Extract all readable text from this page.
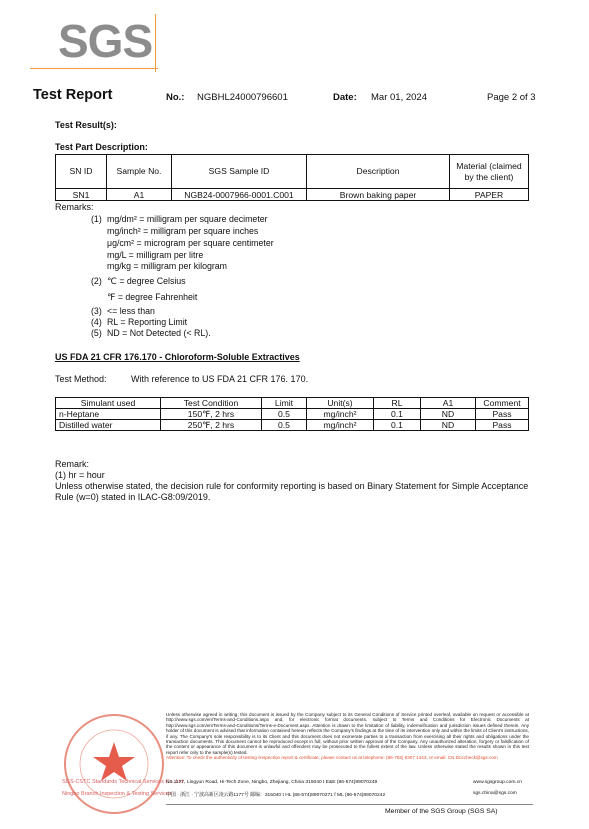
SGS
Test Report	No.: NGBHL24000796601	Date: Mar 01, 2024	Page 2 of 3
Test Result(s):
Test Part Description:
SN ID	Sample No.	SGS Sample ID	Description	Material (claimed by the client)
SN1	A1	NGB24-0007966-0001.C001	Brown baking paper	PAPER
Remarks:
(1) mg/dm² = milligram per square decimeter
mg/inch² = milligram per square inches
μg/cm² = microgram per square centimeter
mg/L = milligram per litre
mg/kg = milligram per kilogram
(2) ℃ = degree Celsius
℉ = degree Fahrenheit
(3) <= less than
(4) RL = Reporting Limit
(5) ND = Not Detected (< RL).
US FDA 21 CFR 176.170 - Chloroform-Soluble Extractives
Test Method:	With reference to US FDA 21 CFR 176. 170.
Simulant used	Test Condition	Limit	Unit(s)	RL	A1	Comment
n-Heptane	150℉, 2 hrs	0.5	mg/inch²	0.1	ND	Pass
Distilled water	250℉, 2 hrs	0.5	mg/inch²	0.1	ND	Pass
Remark:
(1) hr = hour
Unless otherwise stated, the decision rule for conformity reporting is based on Binary Statement for Simple Acceptance Rule (w=0) stated in ILAC-G8:09/2019.
SGS-CSTC Standards Technical Services Co.,Ltd.
Ningbo Branch Inspection & Testing Services
Unless otherwise agreed in writing, this document is issued by the Company subject to its General Conditions of Service printed overleaf, available on request or accessible at http://www.sgs.com/en/Terms-and-Conditions.aspx and, for electronic format documents, subject to Terms and Conditions for Electronic Documents at http://www.sgs.com/en/Terms-and-Conditions/Terms-e-Document.aspx. Attention is drawn to the limitation of liability, indemnification and jurisdiction issues defined therein. Any holder of this document is advised that information contained hereon reflects the Company's findings at the time of its intervention only and within the limits of Client's instructions, if any. The Company's sole responsibility is to its Client and this document does not exonerate parties to a transaction from exercising all their rights and obligations under the transaction documents. This document cannot be reproduced except in full, without prior written approval of the Company. Any unauthorized alteration, forgery or falsification of the content or appearance of this document is unlawful and offenders may be prosecuted to the fullest extent of the law. Unless otherwise stated the results shown in this test report refer only to the sample(s) tested.
Attention: To check the authenticity of testing /inspection report & certificate, please contact us at telephone: (86-755) 8307 1443, or email: CN.Doccheck@sgs.com
No.1177, Lingyun Road, Hi-Tech Zone, Ningbo, Zhejiang, China 315040 t E&E (86-574)89070249
中国 · 浙江 · 宁波高新区凌云路1177号 邮编：315040 t HL (86-574)89070271 f ML (86-574)89070242
www.sgsgroup.com.cn
sgs.china@sgs.com
Member of the SGS Group (SGS SA)
